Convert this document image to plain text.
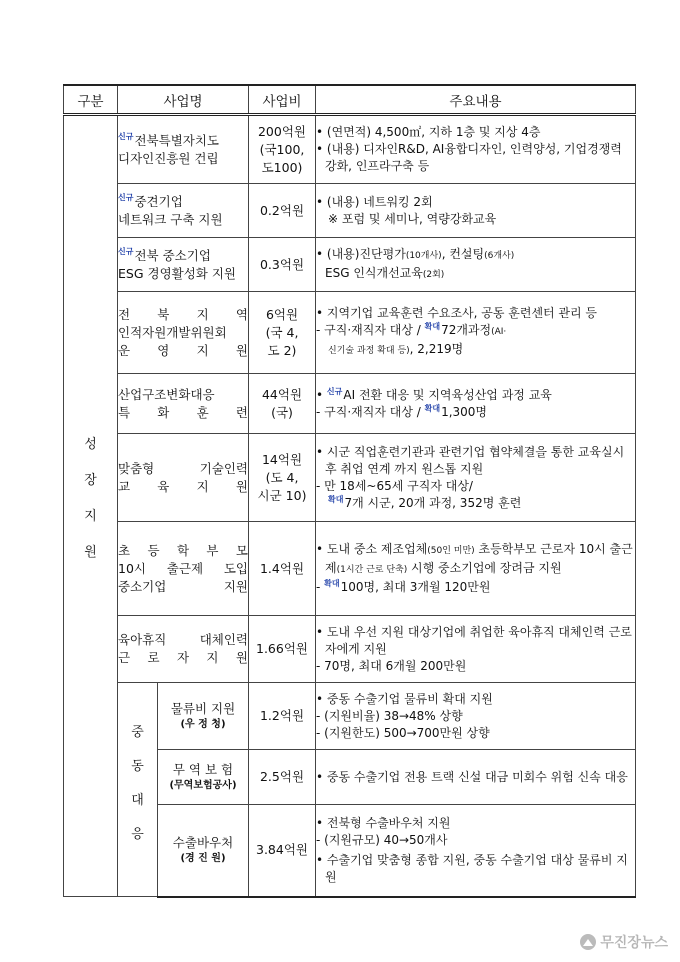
구분	사업명		사업비	주요내용

성
장
지
원	$^{신규}$전북특별자치도
디자인진흥원 건립		200억원
(국100,
도100)	• (연면적) 4,500㎡, 지하 1층 및 지상 4층
• (내용) 디자인R&D, AI융합디자인, 인력양성, 기업경쟁력 강화, 인프라구축 등

	$^{신규}$중견기업
네트워크 구축 지원		0.2억원	• (내용) 네트워킹 2회
※ 포럼 및 세미나, 역량강화교육

	$^{신규}$전북 중소기업
ESG 경영활성화 지원		0.3억원	• (내용)진단평가(10개사), 컨설팅(6개사)
ESG 인식개선교육(2회)

	전 북 지 역
인적자원개발위원회
운 영 지 원		6억원
(국 4,
도 2)	• 지역기업 교육훈련 수요조사, 공동 훈련센터 관리 등
- 구직·재직자 대상 / $^{확대}$72개과정(AI·
신기술 과정 확대 등), 2,219명

	산업구조변화대응
특 화 훈 련		44억원
(국)	• $^{신규}$AI 전환 대응 및 지역육성산업 과정 교육
- 구직·재직자 대상 / $^{확대}$1,300명

	맞춤형 기술인력
교 육 지 원		14억원
(도 4,
시군 10)	• 시군 직업훈련기관과 관련기업 협약체결을 통한 교육실시 후 취업 연계 까지 원스톱 지원
- 만 18세~65세 구직자 대상/
$^{확대}$7개 시군, 20개 과정, 352명 훈련

	초 등 학 부 모
10시 출근제 도입
중소기업 지원		1.4억원	• 도내 중소 제조업체(50인 미만) 초등학부모 근로자 10시 출근제(1시간 근로 단축) 시행 중소기업에 장려금 지원
- $^{확대}$100명, 최대 3개월 120만원

	육아휴직 대체인력
근 로 자 지 원		1.66억원	• 도내 우선 지원 대상기업에 취업한 육아휴직 대체인력 근로자에게 지원
- 70명, 최대 6개월 200만원

	중
동
대
응	물류비 지원
(우 정 청)	1.2억원	• 중동 수출기업 물류비 확대 지원
- (지원비율) 38→48% 상향
- (지원한도) 500→700만원 상향

		무 역 보 험
(무역보험공사)	2.5억원	• 중동 수출기업 전용 트랙 신설 대금 미회수 위험 신속 대응

		수출바우처
(경 진 원)	3.84억원	• 전북형 수출바우처 지원
- (지원규모) 40→50개사
• 수출기업 맞춤형 종합 지원, 중동 수출기업 대상 물류비 지원
무진장뉴스
